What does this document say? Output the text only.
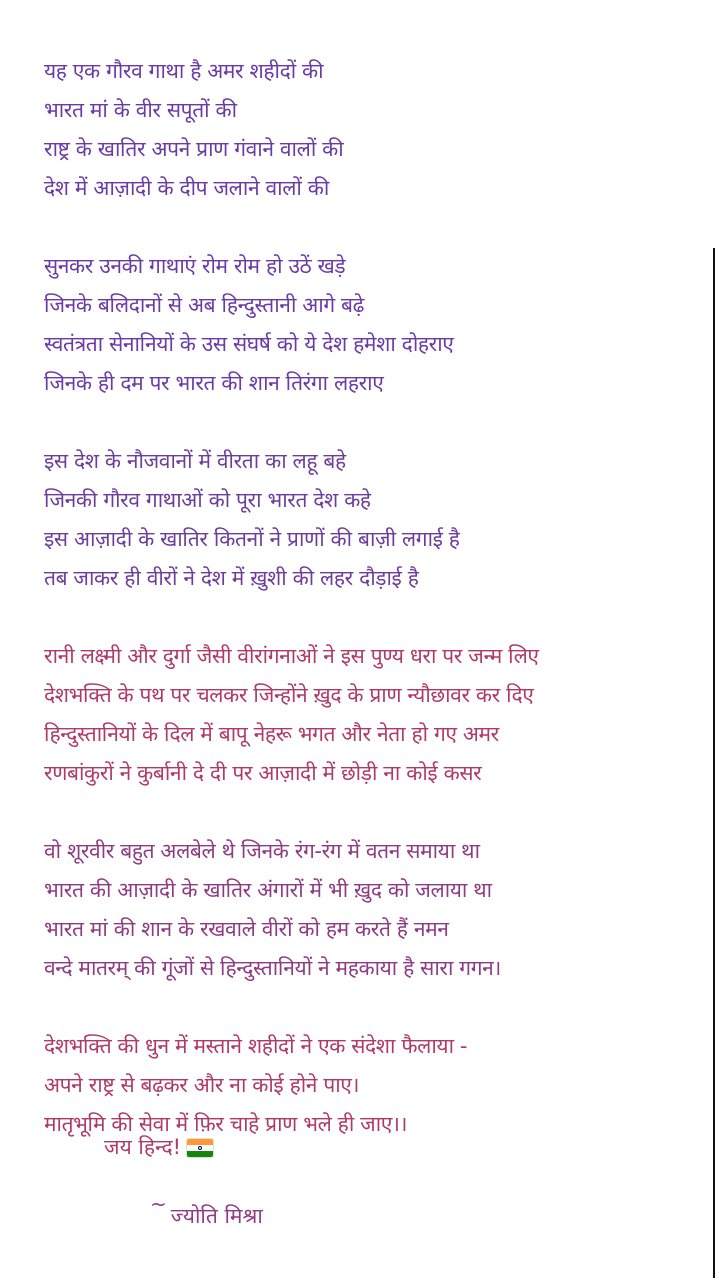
यह एक गौरव गाथा है अमर शहीदों की
भारत मां के वीर सपूतों की
राष्ट्र के खातिर अपने प्राण गंवाने वालों की
देश में आज़ादी के दीप जलाने वालों की
सुनकर उनकी गाथाएं रोम रोम हो उठें खड़े
जिनके बलिदानों से अब हिन्दुस्तानी आगे बढ़े
स्वतंत्रता सेनानियों के उस संघर्ष को ये देश हमेशा दोहराए
जिनके ही दम पर भारत की शान तिरंगा लहराए
इस देश के नौजवानों में वीरता का लहू बहे
जिनकी गौरव गाथाओं को पूरा भारत देश कहे
इस आज़ादी के खातिर कितनों ने प्राणों की बाज़ी लगाई है
तब जाकर ही वीरों ने देश में ख़ुशी की लहर दौड़ाई है
रानी लक्ष्मी और दुर्गा जैसी वीरांगनाओं ने इस पुण्य धरा पर जन्म लिए
देशभक्ति के पथ पर चलकर जिन्होंने ख़ुद के प्राण न्यौछावर कर दिए
हिन्दुस्तानियों के दिल में बापू नेहरू भगत और नेता हो गए अमर
रणबांकुरों ने कुर्बानी दे दी पर आज़ादी में छोड़ी ना कोई कसर
वो शूरवीर बहुत अलबेले थे जिनके रंग-रंग में वतन समाया था
भारत की आज़ादी के खातिर अंगारों में भी ख़ुद को जलाया था
भारत मां की शान के रखवाले वीरों को हम करते हैं नमन
वन्दे मातरम् की गूंजों से हिन्दुस्तानियों ने महकाया है सारा गगन।
देशभक्ति की धुन में मस्ताने शहीदों ने एक संदेशा फैलाया -
अपने राष्ट्र से बढ़कर और ना कोई होने पाए।
मातृभूमि की सेवा में फ़िर चाहे प्राण भले ही जाए।।
जय हिन्द!
~ ज्योति मिश्रा
